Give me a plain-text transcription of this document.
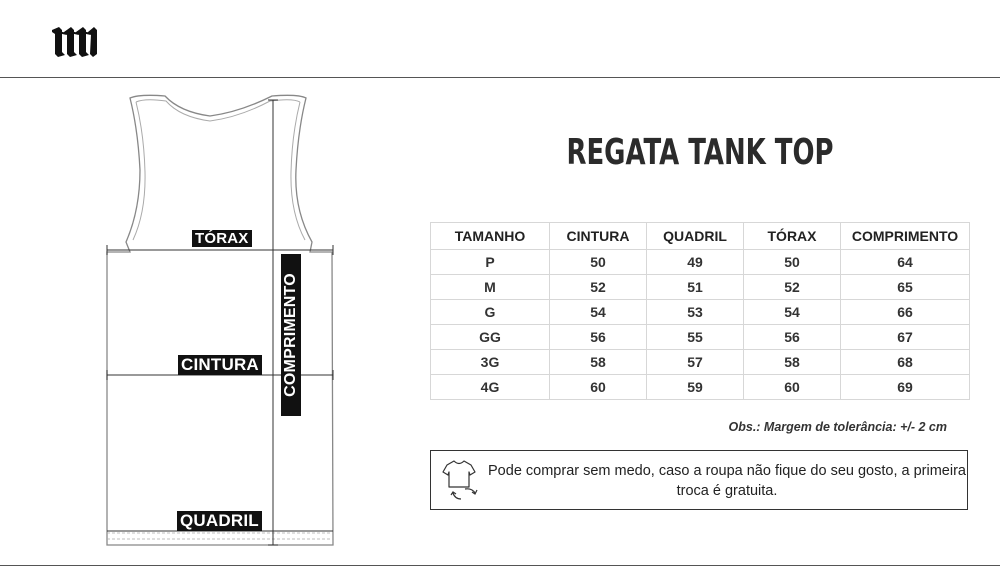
TÓRAX
CINTURA
QUADRIL
COMPRIMENTO
REGATA TANK TOP
TAMANHO	CINTURA	QUADRIL	TÓRAX	COMPRIMENTO
P	50	49	50	64
M	52	51	52	65
G	54	53	54	66
GG	56	55	56	67
3G	58	57	58	68
4G	60	59	60	69
Obs.: Margem de tolerância: +/- 2 cm
Pode comprar sem medo, caso a roupa não fique do seu gosto, a primeira troca é gratuita.
